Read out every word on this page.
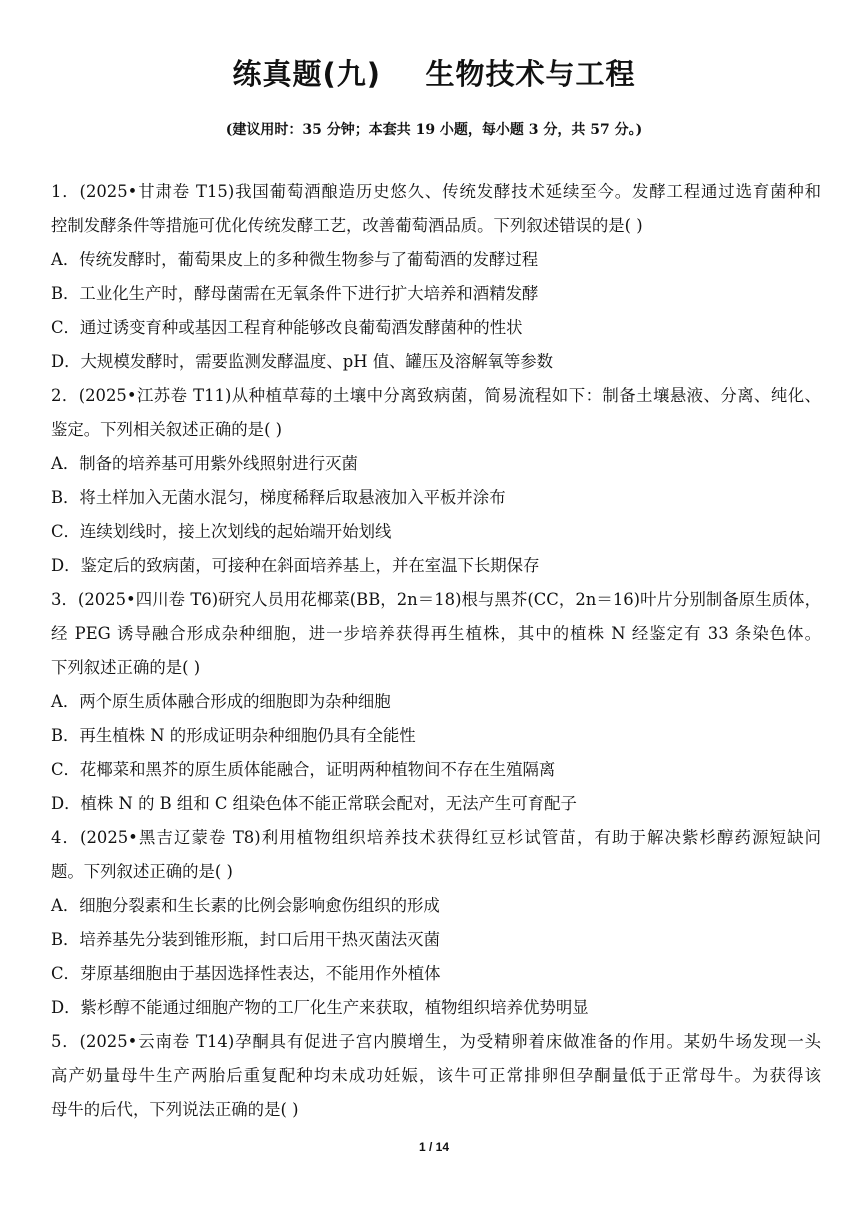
练真题(九)    生物技术与工程
(建议用时：35 分钟；本套共 19 小题，每小题 3 分，共 57 分。)
1．(2025•甘肃卷 T15)我国葡萄酒酿造历史悠久、传统发酵技术延续至今。发酵工程通过选育菌种和
控制发酵条件等措施可优化传统发酵工艺，改善葡萄酒品质。下列叙述错误的是( )
A．传统发酵时，葡萄果皮上的多种微生物参与了葡萄酒的发酵过程
B．工业化生产时，酵母菌需在无氧条件下进行扩大培养和酒精发酵
C．通过诱变育种或基因工程育种能够改良葡萄酒发酵菌种的性状
D．大规模发酵时，需要监测发酵温度、pH 值、罐压及溶解氧等参数
2．(2025•江苏卷 T11)从种植草莓的土壤中分离致病菌，简易流程如下：制备土壤悬液、分离、纯化、
鉴定。下列相关叙述正确的是( )
A．制备的培养基可用紫外线照射进行灭菌
B．将土样加入无菌水混匀，梯度稀释后取悬液加入平板并涂布
C．连续划线时，接上次划线的起始端开始划线
D．鉴定后的致病菌，可接种在斜面培养基上，并在室温下长期保存
3．(2025•四川卷 T6)研究人员用花椰菜(BB，2n＝18)根与黑芥(CC，2n＝16)叶片分别制备原生质体，
经 PEG 诱导融合形成杂种细胞，进一步培养获得再生植株，其中的植株 N 经鉴定有 33 条染色体。
下列叙述正确的是( )
A．两个原生质体融合形成的细胞即为杂种细胞
B．再生植株 N 的形成证明杂种细胞仍具有全能性
C．花椰菜和黑芥的原生质体能融合，证明两种植物间不存在生殖隔离
D．植株 N 的 B 组和 C 组染色体不能正常联会配对，无法产生可育配子
4．(2025•黑吉辽蒙卷 T8)利用植物组织培养技术获得红豆杉试管苗，有助于解决紫杉醇药源短缺问
题。下列叙述正确的是( )
A．细胞分裂素和生长素的比例会影响愈伤组织的形成
B．培养基先分装到锥形瓶，封口后用干热灭菌法灭菌
C．芽原基细胞由于基因选择性表达，不能用作外植体
D．紫杉醇不能通过细胞产物的工厂化生产来获取，植物组织培养优势明显
5．(2025•云南卷 T14)孕酮具有促进子宫内膜增生，为受精卵着床做准备的作用。某奶牛场发现一头
高产奶量母牛生产两胎后重复配种均未成功妊娠，该牛可正常排卵但孕酮量低于正常母牛。为获得该
母牛的后代，下列说法正确的是( )
1 / 14
